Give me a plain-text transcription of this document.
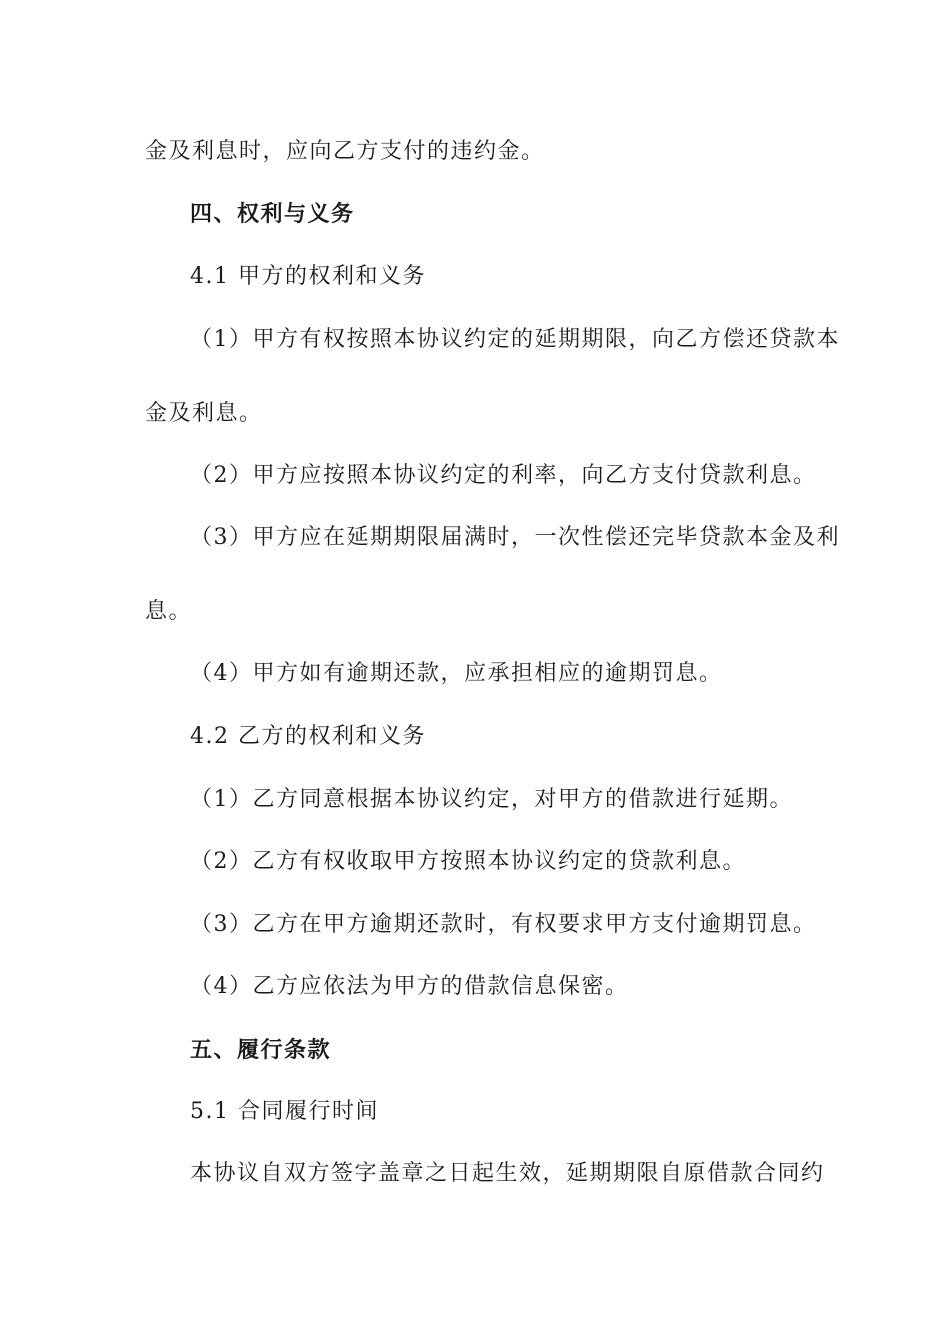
金及利息时，应向乙方支付的违约金。
四、权利与义务
4.1 甲方的权利和义务
（1）甲方有权按照本协议约定的延期期限，向乙方偿还贷款本
金及利息。
（2）甲方应按照本协议约定的利率，向乙方支付贷款利息。
（3）甲方应在延期期限届满时，一次性偿还完毕贷款本金及利
息。
（4）甲方如有逾期还款，应承担相应的逾期罚息。
4.2 乙方的权利和义务
（1）乙方同意根据本协议约定，对甲方的借款进行延期。
（2）乙方有权收取甲方按照本协议约定的贷款利息。
（3）乙方在甲方逾期还款时，有权要求甲方支付逾期罚息。
（4）乙方应依法为甲方的借款信息保密。
五、履行条款
5.1 合同履行时间
本协议自双方签字盖章之日起生效，延期期限自原借款合同约
